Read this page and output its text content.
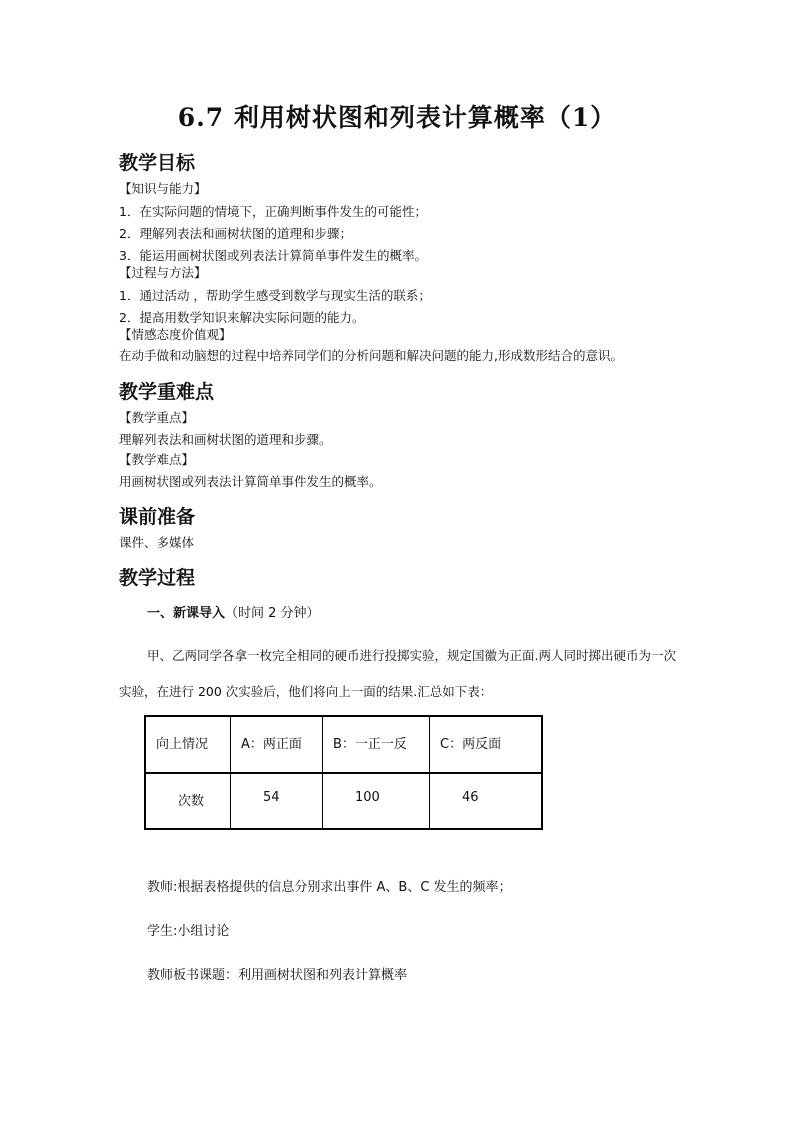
6.7 利用树状图和列表计算概率（1）
教学目标

【知识与能力】

1．在实际问题的情境下，正确判断事件发生的可能性；

2．理解列表法和画树状图的道理和步骤；

3．能运用画树状图或列表法计算简单事件发生的概率。

【过程与方法】

1．通过活动 ，帮助学生感受到数学与现实生活的联系；

2．提高用数学知识来解决实际问题的能力。

【情感态度价值观】

在动手做和动脑想的过程中培养同学们的分析问题和解决问题的能力,形成数形结合的意识。

教学重难点

【教学重点】

理解列表法和画树状图的道理和步骤。

【教学难点】

用画树状图或列表法计算简单事件发生的概率。

课前准备

课件、多媒体

教学过程

一、新课导入（时间 2 分钟）

甲、乙两同学各拿一枚完全相同的硬币进行投掷实验，规定国徽为正面.两人同时掷出硬币为一次实验，在进行 200 次实验后，他们将向上一面的结果.汇总如下表：

向上情况	A：两正面	B：一正一反	C：两反面
次数	54	100	46

教师:根据表格提供的信息分别求出事件 A、B、C 发生的频率；

学生:小组讨论

教师板书课题：利用画树状图和列表计算概率
